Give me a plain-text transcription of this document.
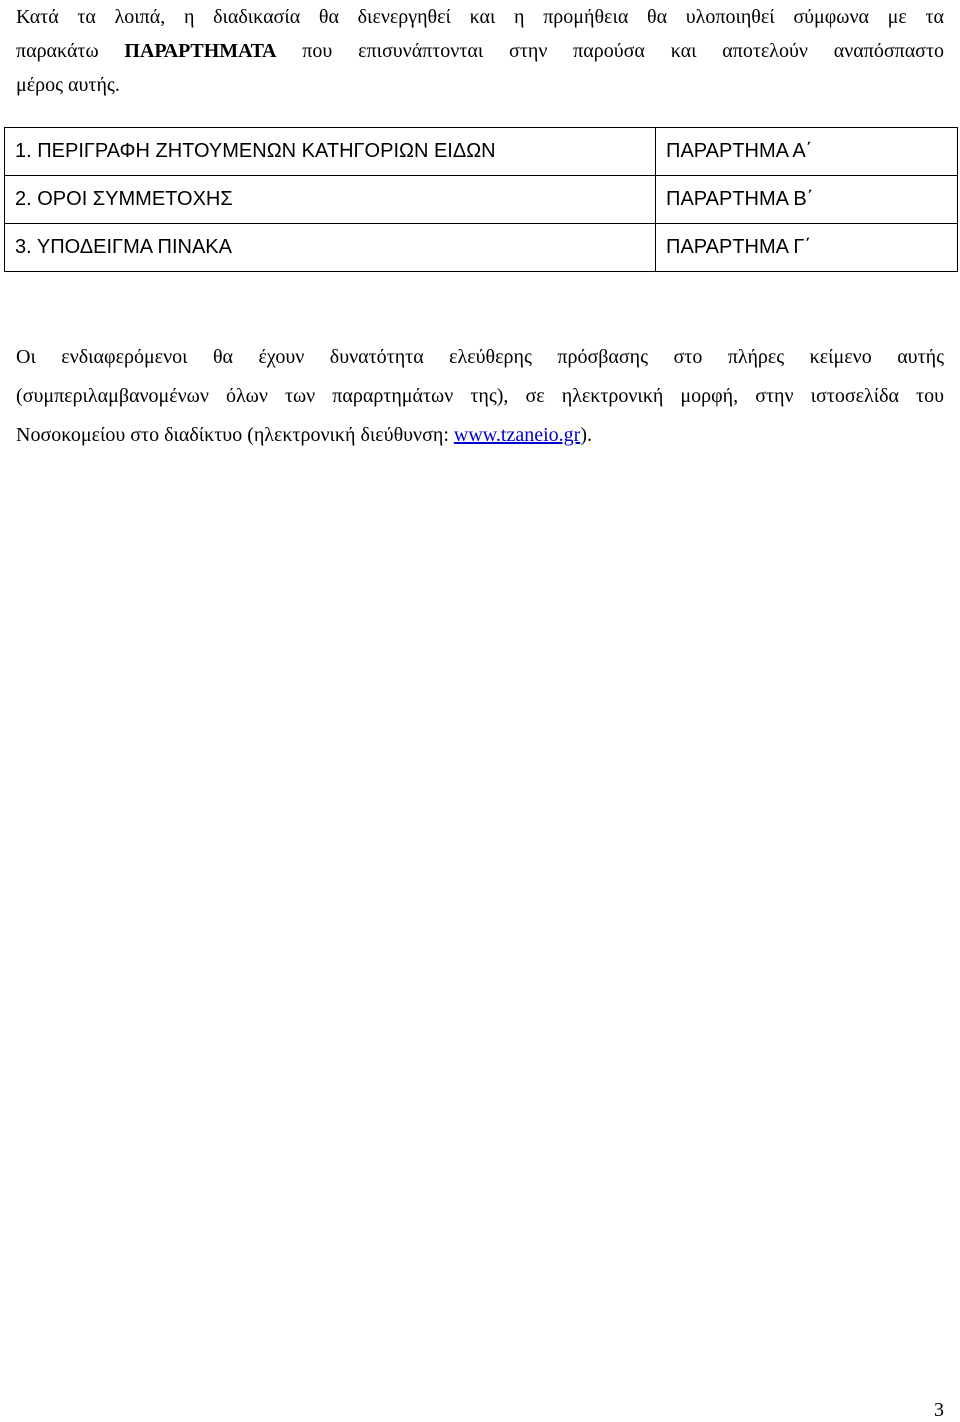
Κατά τα λοιπά, η διαδικασία θα διενεργηθεί και η προμήθεια θα υλοποιηθεί σύμφωνα με τα
παρακάτω ΠΑΡΑΡΤΗΜΑΤΑ που επισυνάπτονται στην παρούσα και αποτελούν αναπόσπαστο
μέρος αυτής.
1. ΠΕΡΙΓΡΑΦΗ ΖΗΤΟΥΜΕΝΩΝ ΚΑΤΗΓΟΡΙΩΝ ΕΙΔΩΝ	ΠΑΡΑΡΤΗΜΑ Α΄
2. ΟΡΟΙ ΣΥΜΜΕΤΟΧΗΣ	ΠΑΡΑΡΤΗΜΑ Β΄
3. ΥΠΟΔΕΙΓΜΑ ΠΙΝΑΚΑ	ΠΑΡΑΡΤΗΜΑ Γ΄
Οι ενδιαφερόμενοι θα έχουν δυνατότητα ελεύθερης πρόσβασης στο πλήρες κείμενο αυτής
(συμπεριλαμβανομένων όλων των παραρτημάτων της), σε ηλεκτρονική μορφή, στην ιστοσελίδα του
Νοσοκομείου στο διαδίκτυο (ηλεκτρονική διεύθυνση: www.tzaneio.gr).
3
